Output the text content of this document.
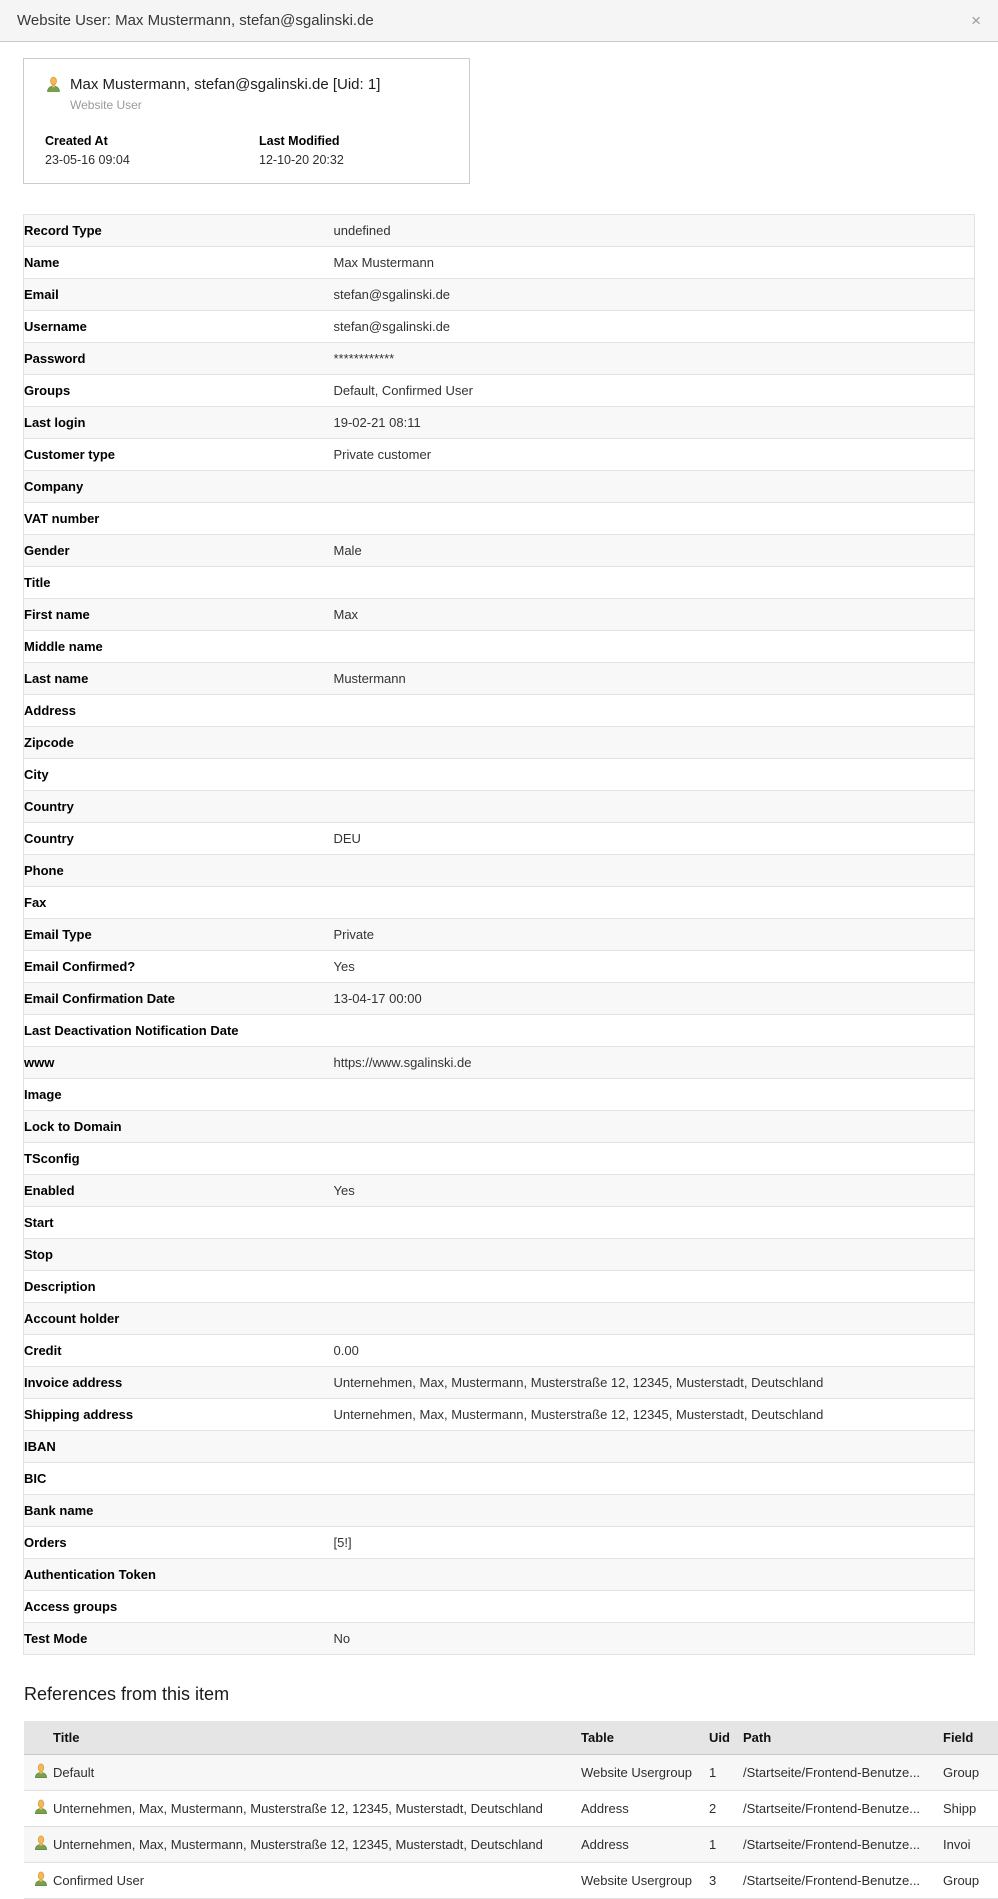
Website User: Max Mustermann, stefan@sgalinski.de	×
Max Mustermann, stefan@sgalinski.de [Uid: 1]
Website User
Created At
23-05-16 09:04
Last Modified
12-10-20 20:32
Record Type	undefined
Name	Max Mustermann
Email	stefan@sgalinski.de
Username	stefan@sgalinski.de
Password	************
Groups	Default, Confirmed User
Last login	19-02-21 08:11
Customer type	Private customer
Company	
VAT number	
Gender	Male
Title	
First name	Max
Middle name	
Last name	Mustermann
Address	
Zipcode	
City	
Country	
Country	DEU
Phone	
Fax	
Email Type	Private
Email Confirmed?	Yes
Email Confirmation Date	13-04-17 00:00
Last Deactivation Notification Date	
www	https://www.sgalinski.de
Image	
Lock to Domain	
TSconfig	
Enabled	Yes
Start	
Stop	
Description	
Account holder	
Credit	0.00
Invoice address	Unternehmen, Max, Mustermann, Musterstraße 12, 12345, Musterstadt, Deutschland
Shipping address	Unternehmen, Max, Mustermann, Musterstraße 12, 12345, Musterstadt, Deutschland
IBAN	
BIC	
Bank name	
Orders	[5!]
Authentication Token	
Access groups	
Test Mode	No
References from this item
	Title	Table	Uid	Path	Field

	Default	Website Usergroup	1	/Startseite/Frontend-Benutze...	Group

	Unternehmen, Max, Mustermann, Musterstraße 12, 12345, Musterstadt, Deutschland	Address	2	/Startseite/Frontend-Benutze...	Shipp

	Unternehmen, Max, Mustermann, Musterstraße 12, 12345, Musterstadt, Deutschland	Address	1	/Startseite/Frontend-Benutze...	Invoi

	Confirmed User	Website Usergroup	3	/Startseite/Frontend-Benutze...	Group
